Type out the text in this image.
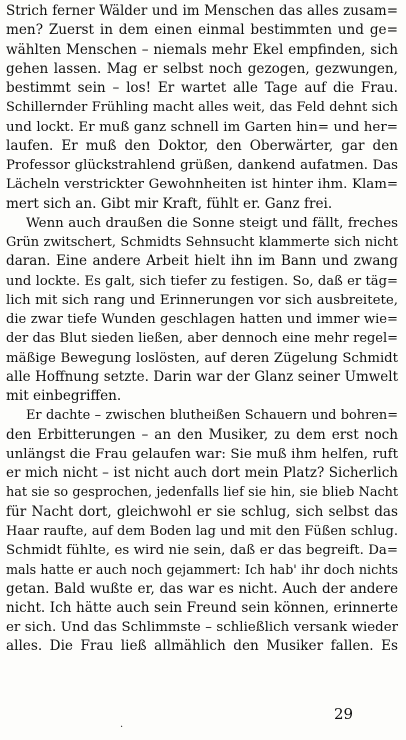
Strich ferner Wälder und im Menschen das alles zusam=
men? Zuerst in dem einen einmal bestimmten und ge=
wählten Menschen – niemals mehr Ekel empfinden, sich
gehen lassen. Mag er selbst noch gezogen, gezwungen,
bestimmt sein – los! Er wartet alle Tage auf die Frau.
Schillernder Frühling macht alles weit, das Feld dehnt sich
und lockt. Er muß ganz schnell im Garten hin= und her=
laufen. Er muß den Doktor, den Oberwärter, gar den
Professor glückstrahlend grüßen, dankend aufatmen. Das
Lächeln verstrickter Gewohnheiten ist hinter ihm. Klam=
mert sich an. Gibt mir Kraft, fühlt er. Ganz frei.
Wenn auch draußen die Sonne steigt und fällt, freches
Grün zwitschert, Schmidts Sehnsucht klammerte sich nicht
daran. Eine andere Arbeit hielt ihn im Bann und zwang
und lockte. Es galt, sich tiefer zu festigen. So, daß er täg=
lich mit sich rang und Erinnerungen vor sich ausbreitete,
die zwar tiefe Wunden geschlagen hatten und immer wie=
der das Blut sieden ließen, aber dennoch eine mehr regel=
mäßige Bewegung loslösten, auf deren Zügelung Schmidt
alle Hoffnung setzte. Darin war der Glanz seiner Umwelt
mit einbegriffen.
Er dachte – zwischen blutheißen Schauern und bohren=
den Erbitterungen – an den Musiker, zu dem erst noch
unlängst die Frau gelaufen war: Sie muß ihm helfen, ruft
er mich nicht – ist nicht auch dort mein Platz? Sicherlich
hat sie so gesprochen, jedenfalls lief sie hin, sie blieb Nacht
für Nacht dort, gleichwohl er sie schlug, sich selbst das
Haar raufte, auf dem Boden lag und mit den Füßen schlug.
Schmidt fühlte, es wird nie sein, daß er das begreift. Da=
mals hatte er auch noch gejammert: Ich hab' ihr doch nichts
getan. Bald wußte er, das war es nicht. Auch der andere
nicht. Ich hätte auch sein Freund sein können, erinnerte
er sich. Und das Schlimmste – schließlich versank wieder
alles. Die Frau ließ allmählich den Musiker fallen. Es
·
29
